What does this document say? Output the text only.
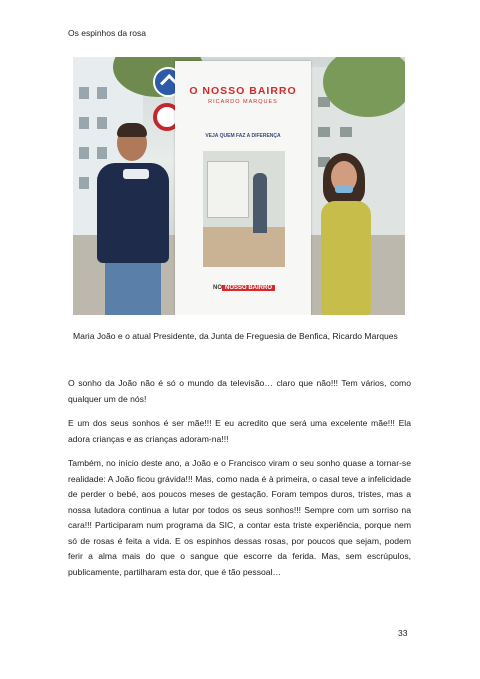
Os espinhos da rosa
O NOSSO BAIRRO
RICARDO MARQUES
VEJA QUEM FAZ A DIFERENÇA
NO NOSSO BAIRRO
Maria João e o atual Presidente, da Junta de Freguesia de Benfica, Ricardo Marques

O sonho da João não é só o mundo da televisão… claro que não!!! Tem vários, como qualquer um de nós!

E um dos seus sonhos é ser mãe!!! E eu acredito que será uma excelente mãe!!! Ela adora crianças e as crianças adoram-na!!!

Também, no início deste ano, a João e o Francisco viram o seu sonho quase a tornar-se realidade: A João ficou grávida!!! Mas, como nada é à primeira, o casal teve a infelicidade de perder o bebé, aos poucos meses de gestação. Foram tempos duros, tristes, mas a nossa lutadora continua a lutar por todos os seus sonhos!!! Sempre com um sorriso na cara!!! Participaram num programa da SIC, a contar esta triste experiência, porque nem só de rosas é feita a vida. E os espinhos dessas rosas, por poucos que sejam, podem ferir a alma mais do que o sangue que escorre da ferida. Mas, sem escrúpulos, publicamente, partilharam esta dor, que é tão pessoal…

33
